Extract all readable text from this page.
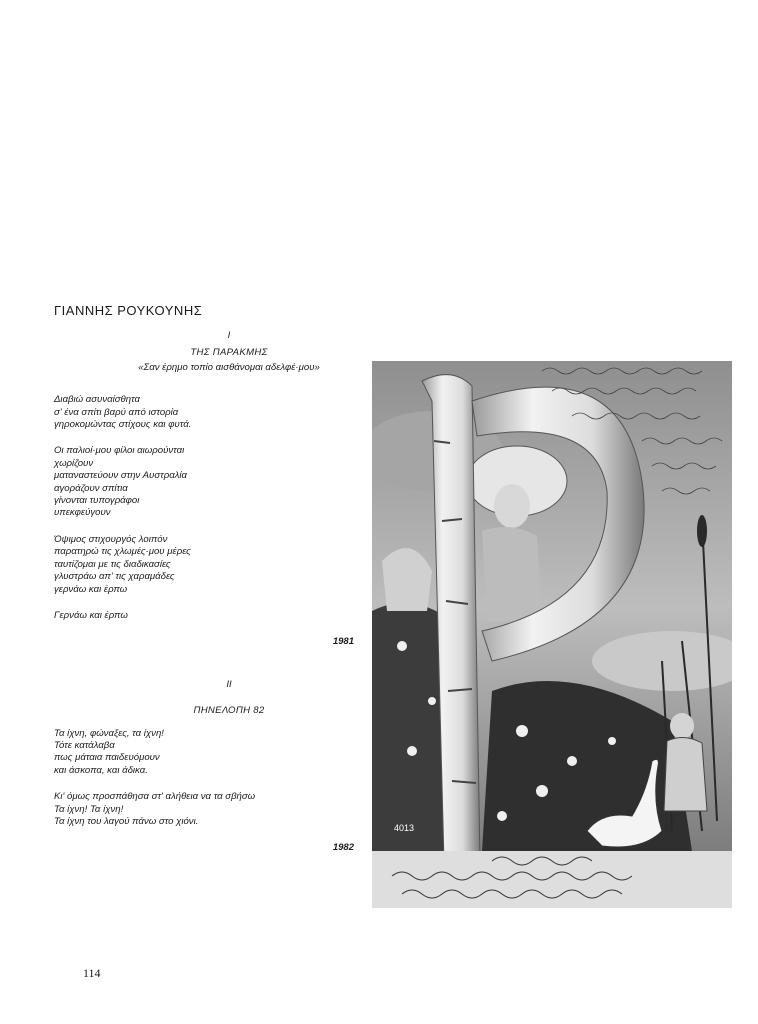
ΓΙΑΝΝΗΣ ΡΟΥΚΟΥΝΗΣ
I
ΤΗΣ ΠΑΡΑΚΜΗΣ
«Σαν έρημο τοπίο αισθάνομαι αδελφέ·μου»
Διαβιώ ασυναίσθητα
σ' ένα σπίτι βαρύ από ιστορία
γηροκομώντας στίχους και φυτά.
Οι παλιοί·μου φίλοι αιωρούνται
χωρίζουν
ματαναστεύουν στην Αυστραλία
αγοράζουν σπίτια
γίνονται τυπογράφοι
υπεκφεύγουν
Όψιμος στιχουργός λοιπόν
παρατηρώ τις χλωμές·μου μέρες
ταυτίζομαι με τις διαδικασίες
γλυστράω απ' τις χαραμάδες
γερνάω και έρπω
Γερνάω και έρπω
1981
II
ΠΗΝΕΛΟΠΗ 82
Τα ίχνη, φώναξες, τα ίχνη!
Τότε κατάλαβα
πως μάταια παιδευόμουν
και άσκοπα, και άδικα.
Κι' όμως προσπάθησα στ' αλήθεια να τα σβήσω
Τα ίχνη! Τα ίχνη!
Τα ίχνη του λαγού πάνω στο χιόνι.
1982
4013
114
